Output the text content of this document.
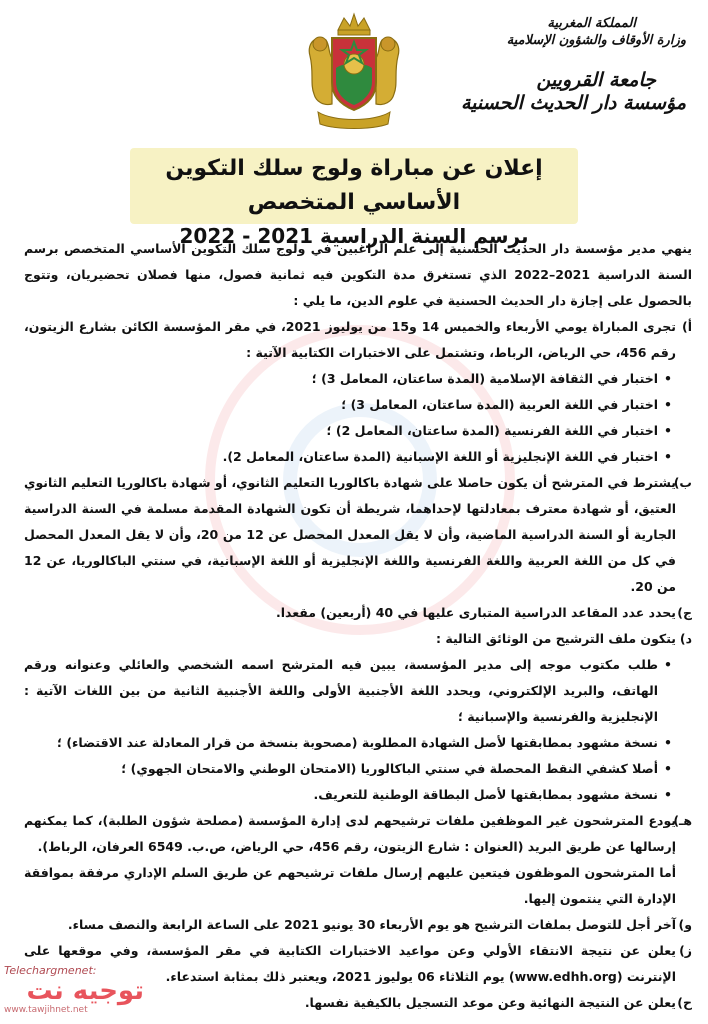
المملكة المغربية
وزارة الأوقاف والشؤون الإسلامية
جامعة القرويين
مؤسسة دار الحديث الحسنية
إعلان عن مباراة ولوج سلك التكوين الأساسي المتخصص
برسم السنة الدراسية 2021 - 2022

ينهي مدير مؤسسة دار الحديث الحسنية إلى علم الراغبين في ولوج سلك التكوين الأساسي المتخصص برسم السنة الدراسية 2021–2022 الذي تستغرق مدة التكوين فيه ثمانية فصول، منها فصلان تحضيريان، وتتوج بالحصول على إجازة دار الحديث الحسنية في علوم الدين، ما يلي :

أ)
تجرى المباراة يومي الأربعاء والخميس 14 و15 من يوليوز 2021، في مقر المؤسسة الكائن بشارع الزيتون، رقم 456، حي الرياض، الرباط، وتشتمل على الاختبارات الكتابية الآتية :
•
اختبار في الثقافة الإسلامية (المدة ساعتان، المعامل 3) ؛
•
اختبار في اللغة العربية (المدة ساعتان، المعامل 3) ؛
•
اختبار في اللغة الفرنسية (المدة ساعتان، المعامل 2) ؛
•
اختبار في اللغة الإنجليزية أو اللغة الإسبانية (المدة ساعتان، المعامل 2).
ب)
يشترط في المترشح أن يكون حاصلا على شهادة باكالوريا التعليم الثانوي، أو شهادة باكالوريا التعليم الثانوي العتيق، أو شهادة معترف بمعادلتها لإحداهما، شريطة أن تكون الشهادة المقدمة مسلمة في السنة الدراسية الجارية أو السنة الدراسية الماضية، وأن لا يقل المعدل المحصل عن 12 من 20، وأن لا يقل المعدل المحصل في كل من اللغة العربية واللغة الفرنسية واللغة الإنجليزية أو اللغة الإسبانية، في سنتي الباكالوريا، عن 12 من 20.
ج)
يحدد عدد المقاعد الدراسية المتبارى عليها في 40 (أربعين) مقعدا.
د)
يتكون ملف الترشيح من الوثائق التالية :
•
طلب مكتوب موجه إلى مدير المؤسسة، يبين فيه المترشح اسمه الشخصي والعائلي وعنوانه ورقم الهاتف، والبريد الإلكتروني، ويحدد اللغة الأجنبية الأولى واللغة الأجنبية الثانية من بين اللغات الآتية : الإنجليزية والفرنسية والإسبانية ؛
•
نسخة مشهود بمطابقتها لأصل الشهادة المطلوبة (مصحوبة بنسخة من قرار المعادلة عند الاقتضاء) ؛
•
أصلا كشفي النقط المحصلة في سنتي الباكالوريا (الامتحان الوطني والامتحان الجهوي) ؛
•
نسخة مشهود بمطابقتها لأصل البطاقة الوطنية للتعريف.
هـ)
يودع المترشحون غير الموظفين ملفات ترشيحهم لدى إدارة المؤسسة (مصلحة شؤون الطلبة)، كما يمكنهم إرسالها عن طريق البريد (العنوان : شارع الزيتون، رقم 456، حي الرياض، ص.ب. 6549 العرفان، الرباط).
أما المترشحون الموظفون فيتعين عليهم إرسال ملفات ترشيحهم عن طريق السلم الإداري مرفقة بموافقة الإدارة التي ينتمون إليها.
و)
آخر أجل للتوصل بملفات الترشيح هو يوم الأربعاء 30 يونيو 2021 على الساعة الرابعة والنصف مساء.
ز)
يعلن عن نتيجة الانتقاء الأولي وعن مواعيد الاختبارات الكتابية في مقر المؤسسة، وفي موقعها على الإنترنت (www.edhh.org) يوم الثلاثاء 06 يوليوز 2021، ويعتبر ذلك بمثابة استدعاء.
ح)
يعلن عن النتيجة النهائية وعن موعد التسجيل بالكيفية نفسها.
Telechargmenet:
توجيه نت
www.tawjihnet.net
